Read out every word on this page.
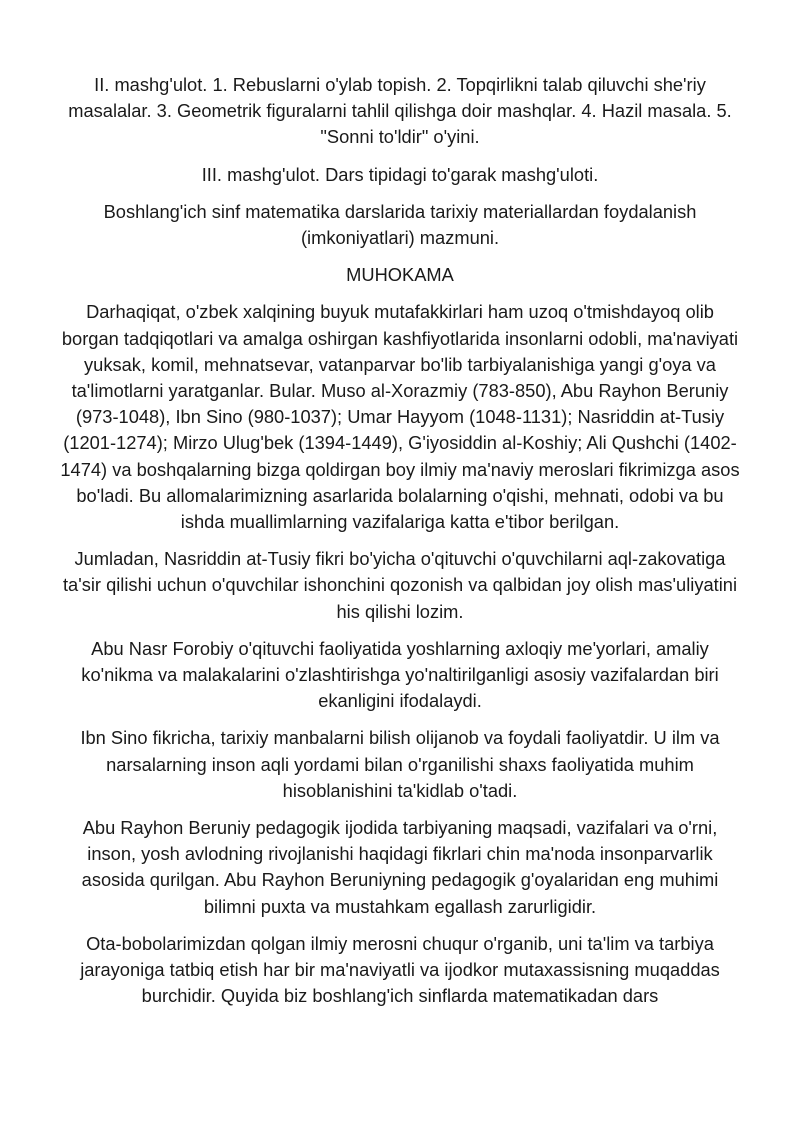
II. mashg'ulot. 1. Rebuslarni o'ylab topish. 2. Topqirlikni talab qiluvchi she'riy masalalar. 3. Geometrik figuralarni tahlil qilishga doir mashqlar. 4. Hazil masala. 5. "Sonni to'ldir" o'yini.

III. mashg'ulot. Dars tipidagi to'garak mashg'uloti.

Boshlang'ich sinf matematika darslarida tarixiy materiallardan foydalanish (imkoniyatlari) mazmuni.

MUHOKAMA

Darhaqiqat, o'zbek xalqining buyuk mutafakkirlari ham uzoq o'tmishdayoq olib borgan tadqiqotlari va amalga oshirgan kashfiyotlarida insonlarni odobli, ma'naviyati yuksak, komil, mehnatsevar, vatanparvar bo'lib tarbiyalanishiga yangi g'oya va ta'limotlarni yaratganlar. Bular. Muso al-Xorazmiy (783-850), Abu Rayhon Beruniy (973-1048), Ibn Sino (980-1037); Umar Hayyom (1048-1131); Nasriddin at-Tusiy (1201-1274); Mirzo Ulug'bek (1394-1449), G'iyosiddin al-Koshiy; Ali Qushchi (1402-1474) va boshqalarning bizga qoldirgan boy ilmiy ma'naviy meroslari fikrimizga asos bo'ladi. Bu allomalarimizning asarlarida bolalarning o'qishi, mehnati, odobi va bu ishda muallimlarning vazifalariga katta e'tibor berilgan.

Jumladan, Nasriddin at-Tusiy fikri bo'yicha o'qituvchi o'quvchilarni aql-zakovatiga ta'sir qilishi uchun o'quvchilar ishonchini qozonish va qalbidan joy olish mas'uliyatini his qilishi lozim.

Abu Nasr Forobiy o'qituvchi faoliyatida yoshlarning axloqiy me'yorlari, amaliy ko'nikma va malakalarini o'zlashtirishga yo'naltirilganligi asosiy vazifalardan biri ekanligini ifodalaydi.

Ibn Sino fikricha, tarixiy manbalarni bilish olijanob va foydali faoliyatdir. U ilm va narsalarning inson aqli yordami bilan o'rganilishi shaxs faoliyatida muhim hisoblanishini ta'kidlab o'tadi.

Abu Rayhon Beruniy pedagogik ijodida tarbiyaning maqsadi, vazifalari va o'rni, inson, yosh avlodning rivojlanishi haqidagi fikrlari chin ma'noda insonparvarlik asosida qurilgan. Abu Rayhon Beruniyning pedagogik g'oyalaridan eng muhimi bilimni puxta va mustahkam egallash zarurligidir.

Ota-bobolarimizdan qolgan ilmiy merosni chuqur o'rganib, uni ta'lim va tarbiya jarayoniga tatbiq etish har bir ma'naviyatli va ijodkor mutaxassisning muqaddas burchidir. Quyida biz boshlang'ich sinflarda matematikadan dars
